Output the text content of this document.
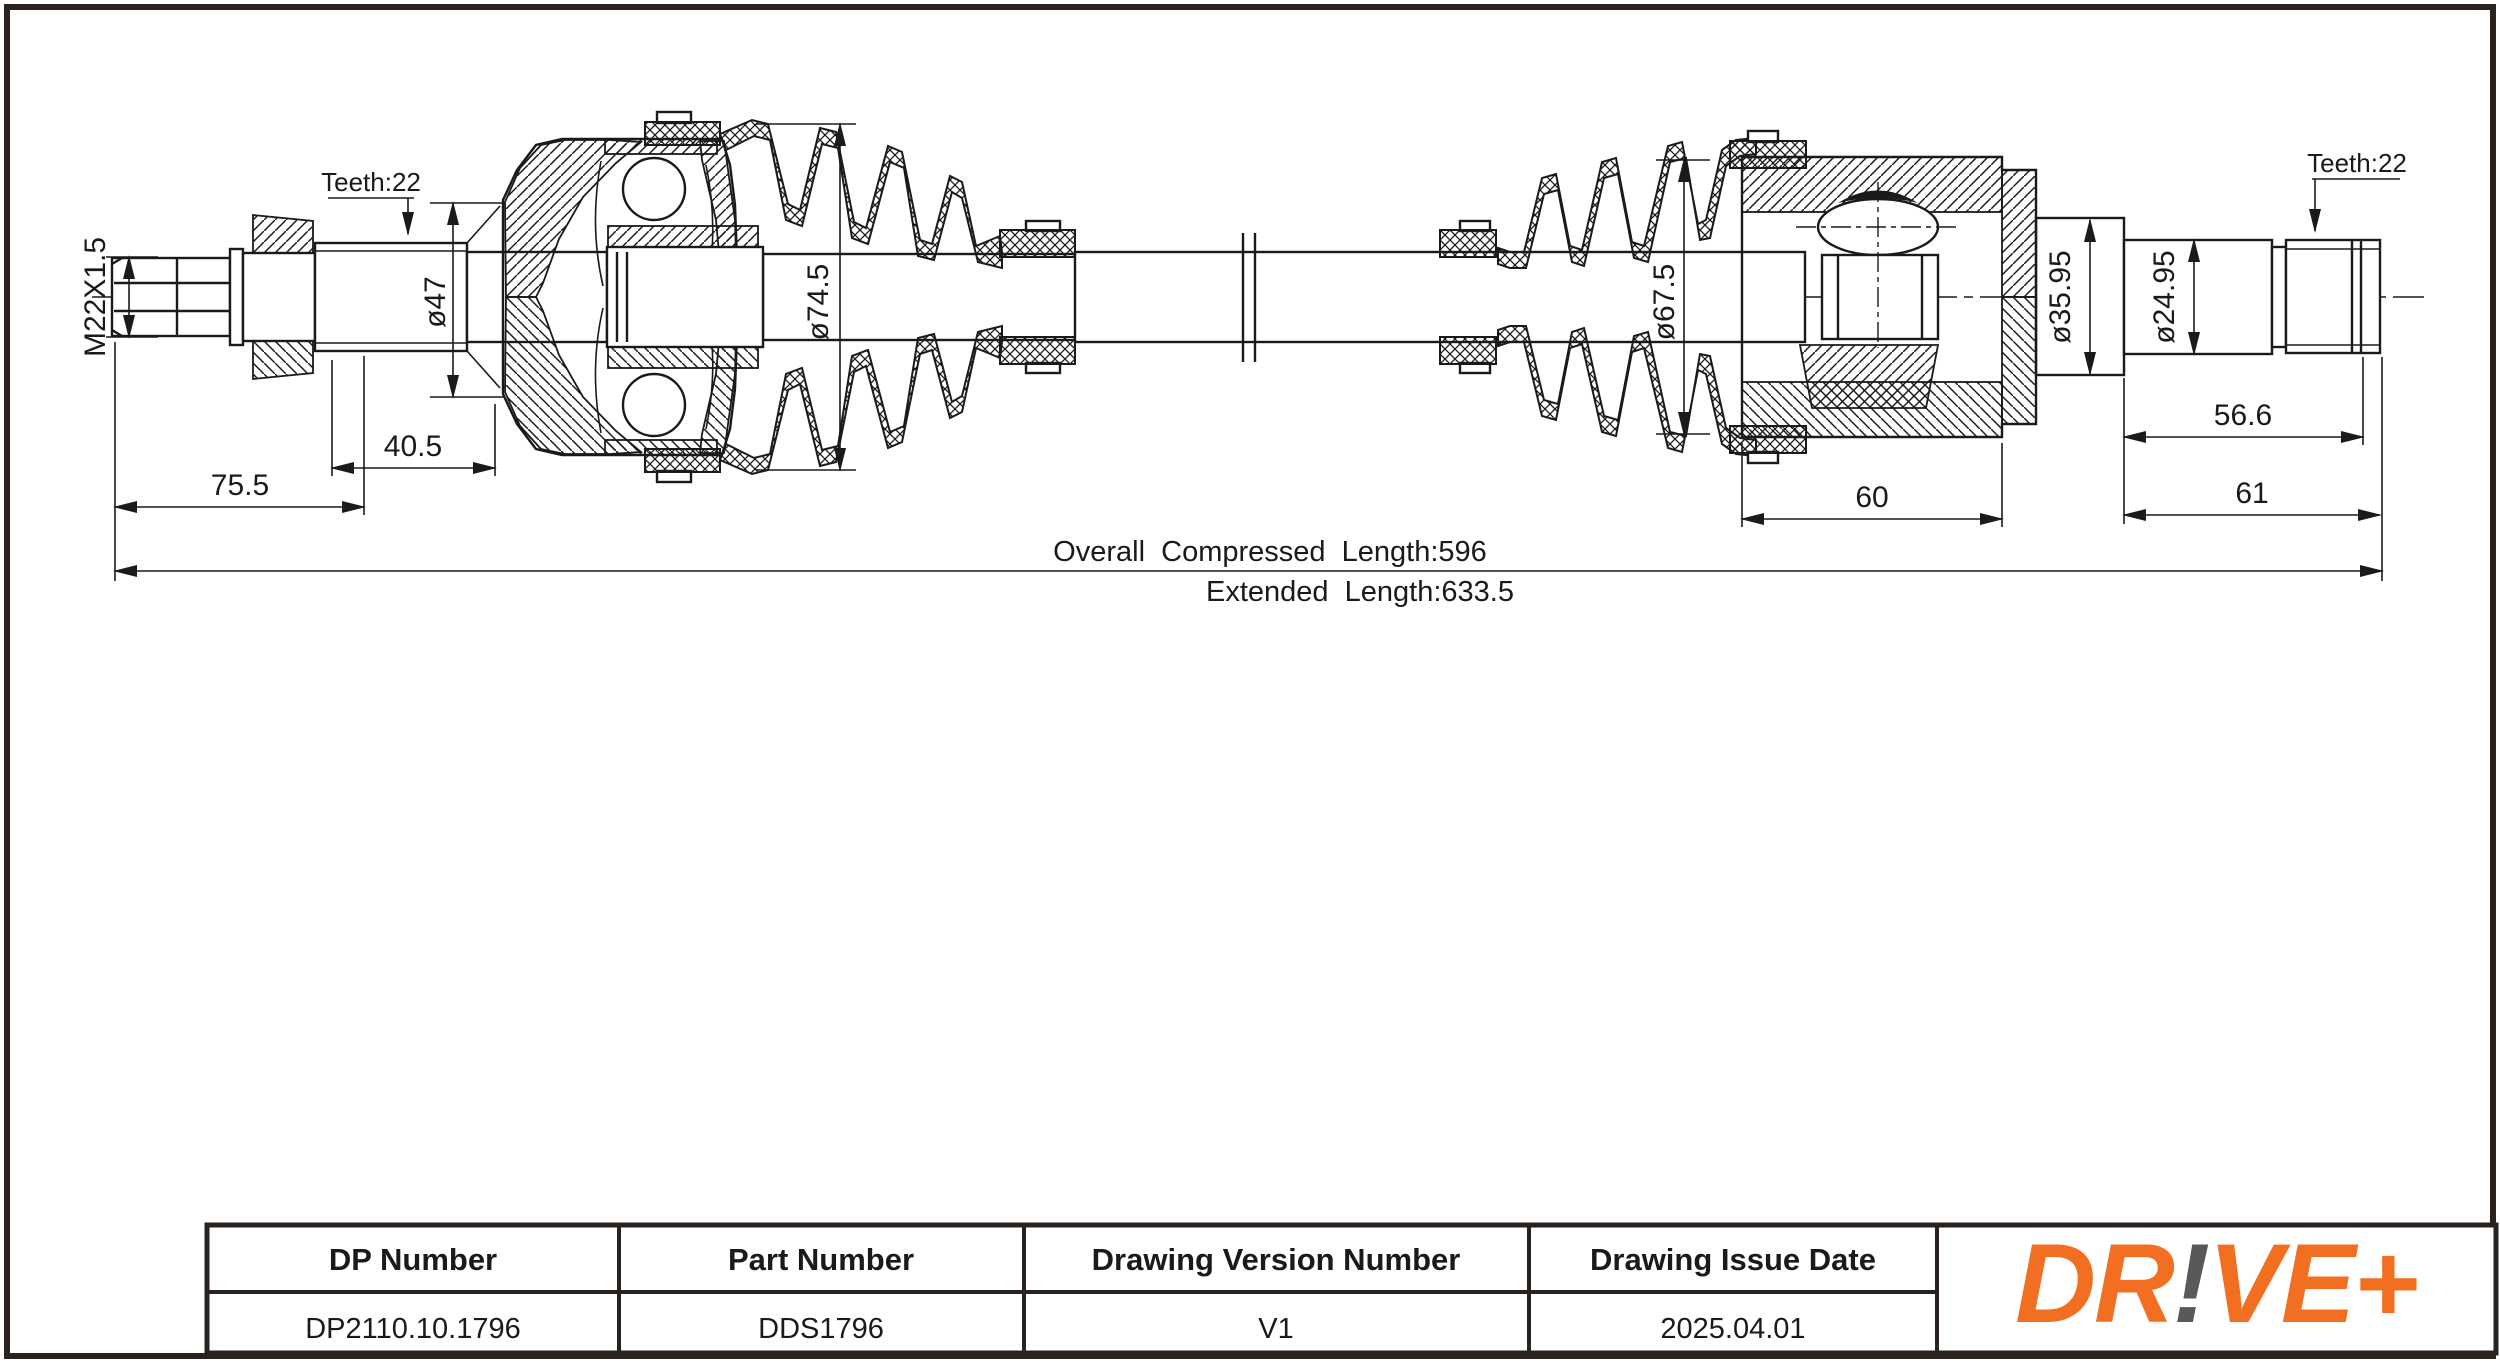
M22X1.5	ø47	ø74.5	ø67.5	ø35.95 ø24.95
40.5
75.5	60
56.6
61
Overall  Compressed  Length:596
Extended  Length:633.5
Teeth:22
Teeth:22
DP Number	Part Number	Drawing Version Number	Drawing Issue Date
DP2110.10.1796	DDS1796	V1	2025.04.01 DR!VE+
